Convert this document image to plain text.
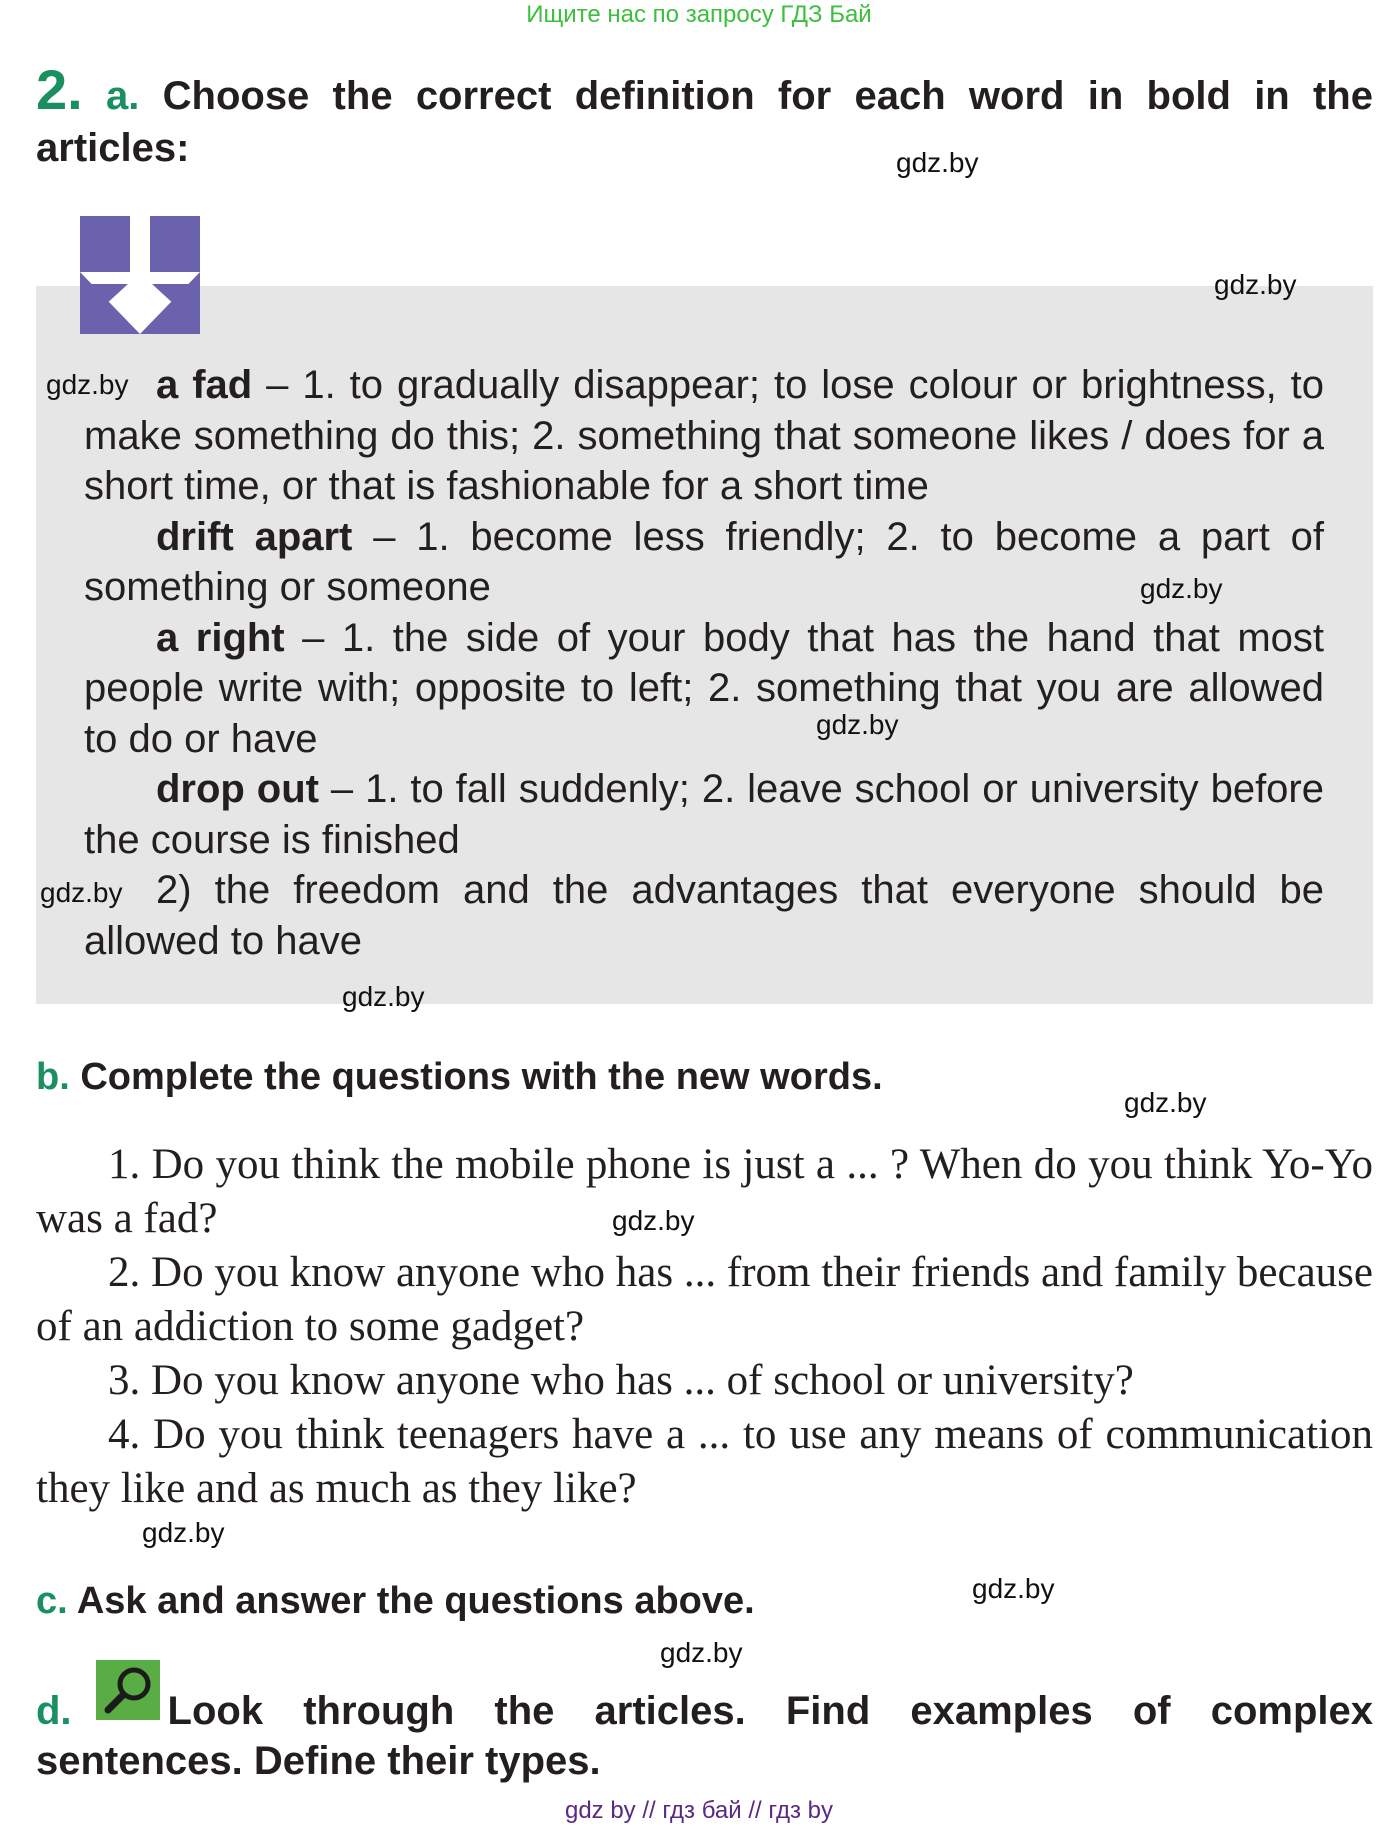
Ищите нас по запросу ГДЗ Бай
2. a. Choose the correct definition for each word in bold in the articles:

a fad – 1. to gradually disappear; to lose colour or brightness, to make something do this; 2. something that someone likes / does for a short time, or that is fashionable for a short time

drift apart – 1. become less friendly; 2. to become a part of something or someone

a right – 1. the side of your body that has the hand that most people write with; opposite to left; 2. something that you are allowed to do or have

drop out – 1. to fall suddenly; 2. leave school or university before the course is finished

2) the freedom and the advantages that everyone should be allowed to have

b. Complete the questions with the new words.

1. Do you think the mobile phone is just a ... ? When do you think Yo-Yo was a fad?

2. Do you know anyone who has ... from their friends and family because of an addiction to some gadget?

3. Do you know anyone who has ... of school or university?

4. Do you think teenagers have a ... to use any means of communication they like and as much as they like?

c. Ask and answer the questions above.
d. Look through the articles. Find examples of complex sentences. Define their types.
gdz.by
gdz.by
gdz.by
gdz.by
gdz.by
gdz.by
gdz.by
gdz.by
gdz.by
gdz.by
gdz.by
gdz.by
gdz by // гдз бай // гдз by
